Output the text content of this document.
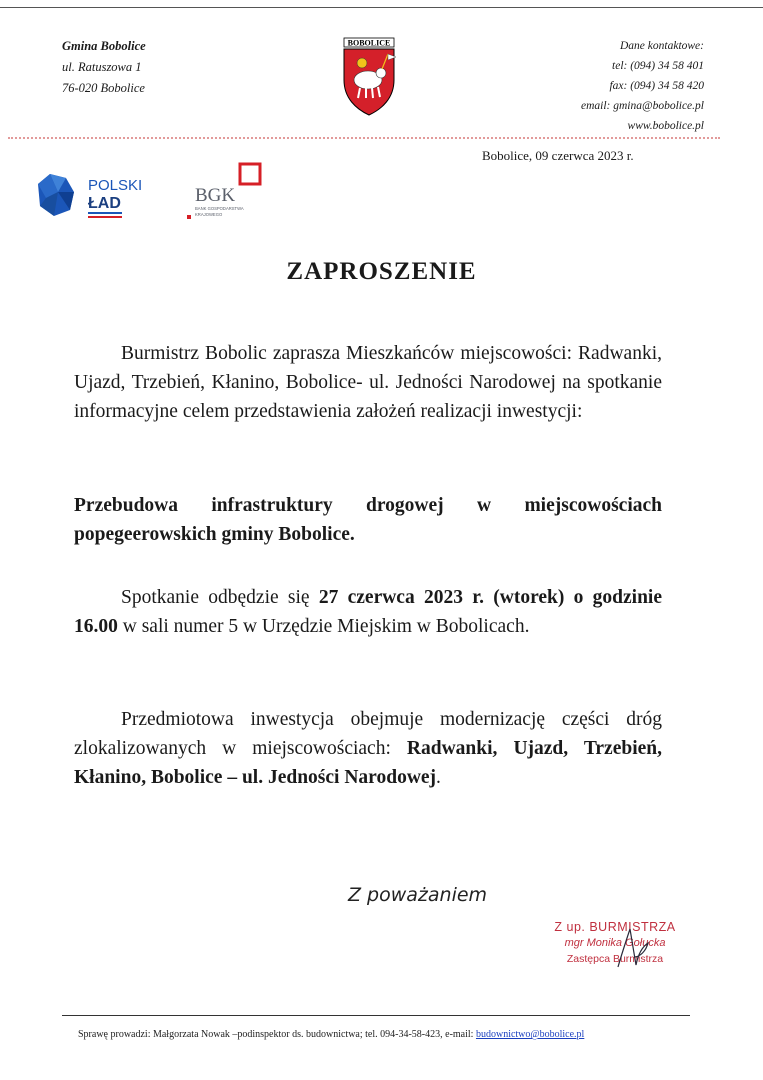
Gmina Bobolice
ul. Ratuszowa 1
76-020 Bobolice
BOBOLICE	Dane kontaktowe:
tel: (094) 34 58 401
fax: (094) 34 58 420
email: gmina@bobolice.pl
www.bobolice.pl
Bobolice, 09 czerwca 2023 r.
POLSKI
ŁAD	BGK
BANK GOSPODARSTWA
KRAJOWEGO
ZAPROSZENIE

Burmistrz Bobolic zaprasza Mieszkańców miejscowości: Radwanki, Ujazd, Trzebień, Kłanino, Bobolice- ul. Jedności Narodowej na spotkanie informacyjne celem przedstawienia założeń realizacji inwestycji:

Przebudowa infrastruktury drogowej w miejscowościach popegeerowskich gminy Bobolice.

Spotkanie odbędzie się 27 czerwca 2023 r. (wtorek) o godzinie 16.00 w sali numer 5 w Urzędzie Miejskim w Bobolicach.

Przedmiotowa inwestycja obejmuje modernizację części dróg zlokalizowanych w miejscowościach: Radwanki, Ujazd, Trzebień, Kłanino, Bobolice – ul. Jedności Narodowej.

Z poważaniem
Z up. BURMISTRZA
mgr Monika Gołucka
Zastępca Burmistrza
Sprawę prowadzi: Małgorzata Nowak –podinspektor ds. budownictwa; tel. 094-34-58-423, e-mail: budownictwo@bobolice.pl
